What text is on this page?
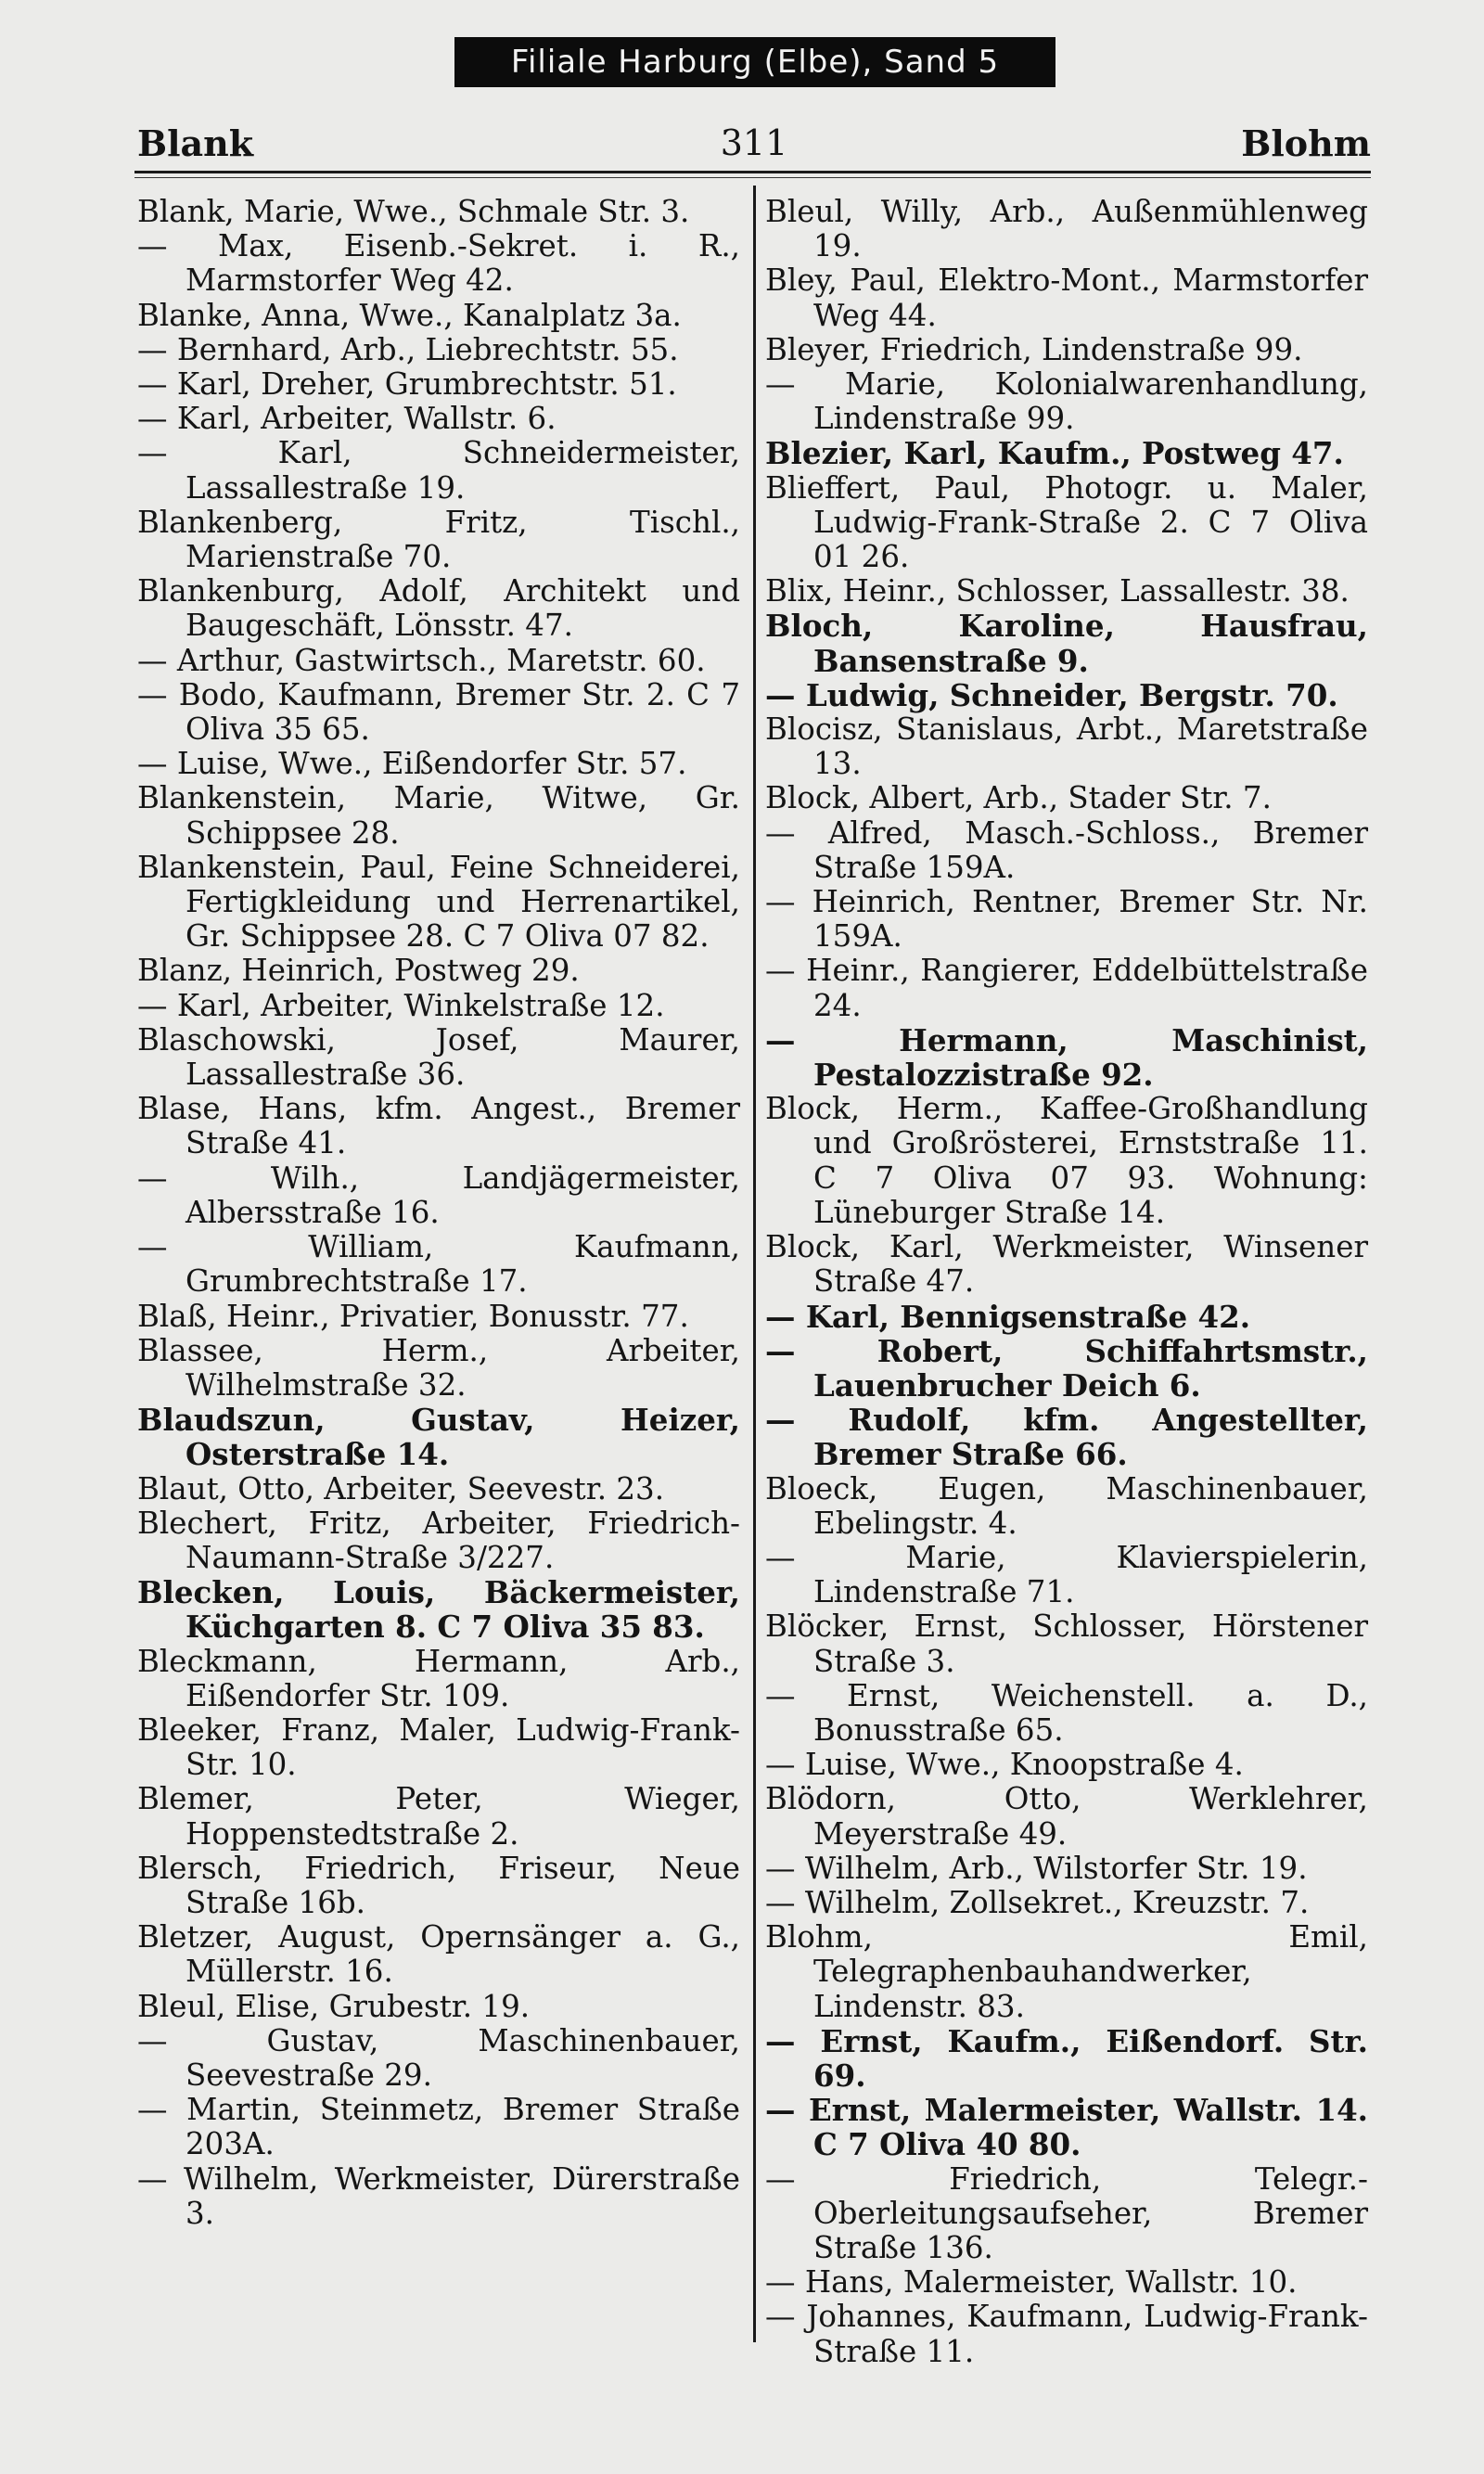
Filiale Harburg (Elbe), Sand 5
Blank	311	Blohm

Blank, Marie, Wwe., Schmale Str. 3.

— Max, Eisenb.-Sekret. i. R., Marmstorfer Weg 42.

Blanke, Anna, Wwe., Kanalplatz 3a.

— Bernhard, Arb., Liebrechtstr. 55.

— Karl, Dreher, Grumbrechtstr. 51.

— Karl, Arbeiter, Wallstr. 6.

— Karl, Schneidermeister, Lassallestraße 19.

Blankenberg, Fritz, Tischl., Marienstraße 70.

Blankenburg, Adolf, Architekt und Baugeschäft, Lönsstr. 47.

— Arthur, Gastwirtsch., Maretstr. 60.

— Bodo, Kaufmann, Bremer Str. 2. C 7 Oliva 35 65.

— Luise, Wwe., Eißendorfer Str. 57.

Blankenstein, Marie, Witwe, Gr. Schippsee 28.

Blankenstein, Paul, Feine Schneiderei, Fertigkleidung und Herrenartikel, Gr. Schippsee 28. C 7 Oliva 07 82.

Blanz, Heinrich, Postweg 29.

— Karl, Arbeiter, Winkelstraße 12.

Blaschowski, Josef, Maurer, Lassallestraße 36.

Blase, Hans, kfm. Angest., Bremer Straße 41.

— Wilh., Landjägermeister, Albersstraße 16.

— William, Kaufmann, Grumbrechtstraße 17.

Blaß, Heinr., Privatier, Bonusstr. 77.

Blassee, Herm., Arbeiter, Wilhelmstraße 32.

Blaudszun, Gustav, Heizer, Osterstraße 14.

Blaut, Otto, Arbeiter, Seevestr. 23.

Blechert, Fritz, Arbeiter, Friedrich-Naumann-Straße 3/227.

Blecken, Louis, Bäckermeister, Küchgarten 8. C 7 Oliva 35 83.

Bleckmann, Hermann, Arb., Eißendorfer Str. 109.

Bleeker, Franz, Maler, Ludwig-Frank-Str. 10.

Blemer, Peter, Wieger, Hoppenstedtstraße 2.

Blersch, Friedrich, Friseur, Neue Straße 16b.

Bletzer, August, Opernsänger a. G., Müllerstr. 16.

Bleul, Elise, Grubestr. 19.

— Gustav, Maschinenbauer, Seevestraße 29.

— Martin, Steinmetz, Bremer Straße 203A.

— Wilhelm, Werkmeister, Dürerstraße 3.

Bleul, Willy, Arb., Außenmühlenweg 19.

Bley, Paul, Elektro-Mont., Marmstorfer Weg 44.

Bleyer, Friedrich, Lindenstraße 99.

— Marie, Kolonialwarenhandlung, Lindenstraße 99.

Blezier, Karl, Kaufm., Postweg 47.

Blieffert, Paul, Photogr. u. Maler, Ludwig-Frank-Straße 2. C 7 Oliva 01 26.

Blix, Heinr., Schlosser, Lassallestr. 38.

Bloch, Karoline, Hausfrau, Bansenstraße 9.

— Ludwig, Schneider, Bergstr. 70.

Blocisz, Stanislaus, Arbt., Maretstraße 13.

Block, Albert, Arb., Stader Str. 7.

— Alfred, Masch.-Schloss., Bremer Straße 159A.

— Heinrich, Rentner, Bremer Str. Nr. 159A.

— Heinr., Rangierer, Eddelbüttelstraße 24.

— Hermann, Maschinist, Pestalozzistraße 92.

Block, Herm., Kaffee-Großhandlung und Großrösterei, Ernststraße 11. C 7 Oliva 07 93. Wohnung: Lüneburger Straße 14.

Block, Karl, Werkmeister, Winsener Straße 47.

— Karl, Bennigsenstraße 42.

— Robert, Schiffahrtsmstr., Lauenbrucher Deich 6.

— Rudolf, kfm. Angestellter, Bremer Straße 66.

Bloeck, Eugen, Maschinenbauer, Ebelingstr. 4.

— Marie, Klavierspielerin, Lindenstraße 71.

Blöcker, Ernst, Schlosser, Hörstener Straße 3.

— Ernst, Weichenstell. a. D., Bonusstraße 65.

— Luise, Wwe., Knoopstraße 4.

Blödorn, Otto, Werklehrer, Meyerstraße 49.

— Wilhelm, Arb., Wilstorfer Str. 19.

— Wilhelm, Zollsekret., Kreuzstr. 7.

Blohm, Emil, Telegraphenbauhandwerker, Lindenstr. 83.

— Ernst, Kaufm., Eißendorf. Str. 69.

— Ernst, Malermeister, Wallstr. 14. C 7 Oliva 40 80.

— Friedrich, Telegr.-Oberleitungsaufseher, Bremer Straße 136.

— Hans, Malermeister, Wallstr. 10.

— Johannes, Kaufmann, Ludwig-Frank-Straße 11.
